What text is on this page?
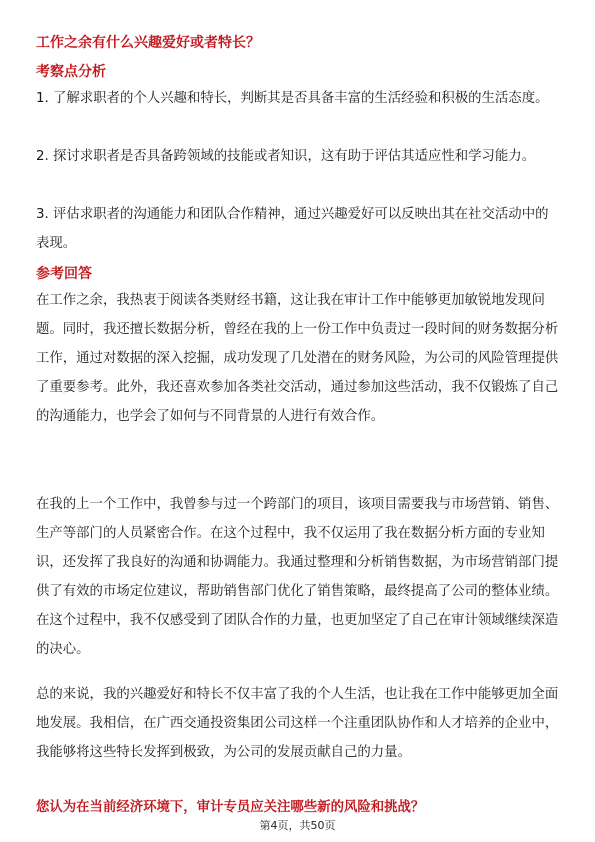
工作之余有什么兴趣爱好或者特长？
考察点分析

1. 了解求职者的个人兴趣和特长，判断其是否具备丰富的生活经验和积极的生活态度。

2. 探讨求职者是否具备跨领域的技能或者知识，这有助于评估其适应性和学习能力。

3. 评估求职者的沟通能力和团队合作精神，通过兴趣爱好可以反映出其在社交活动中的表现。

参考回答

在工作之余，我热衷于阅读各类财经书籍，这让我在审计工作中能够更加敏锐地发现问题。同时，我还擅长数据分析，曾经在我的上一份工作中负责过一段时间的财务数据分析工作，通过对数据的深入挖掘，成功发现了几处潜在的财务风险，为公司的风险管理提供了重要参考。此外，我还喜欢参加各类社交活动，通过参加这些活动，我不仅锻炼了自己的沟通能力，也学会了如何与不同背景的人进行有效合作。

在我的上一个工作中，我曾参与过一个跨部门的项目，该项目需要我与市场营销、销售、生产等部门的人员紧密合作。在这个过程中，我不仅运用了我在数据分析方面的专业知识，还发挥了我良好的沟通和协调能力。我通过整理和分析销售数据，为市场营销部门提供了有效的市场定位建议，帮助销售部门优化了销售策略，最终提高了公司的整体业绩。在这个过程中，我不仅感受到了团队合作的力量，也更加坚定了自己在审计领域继续深造的决心。

总的来说，我的兴趣爱好和特长不仅丰富了我的个人生活，也让我在工作中能够更加全面地发展。我相信，在广西交通投资集团公司这样一个注重团队协作和人才培养的企业中，我能够将这些特长发挥到极致，为公司的发展贡献自己的力量。

您认为在当前经济环境下，审计专员应关注哪些新的风险和挑战？
第4页，共50页
